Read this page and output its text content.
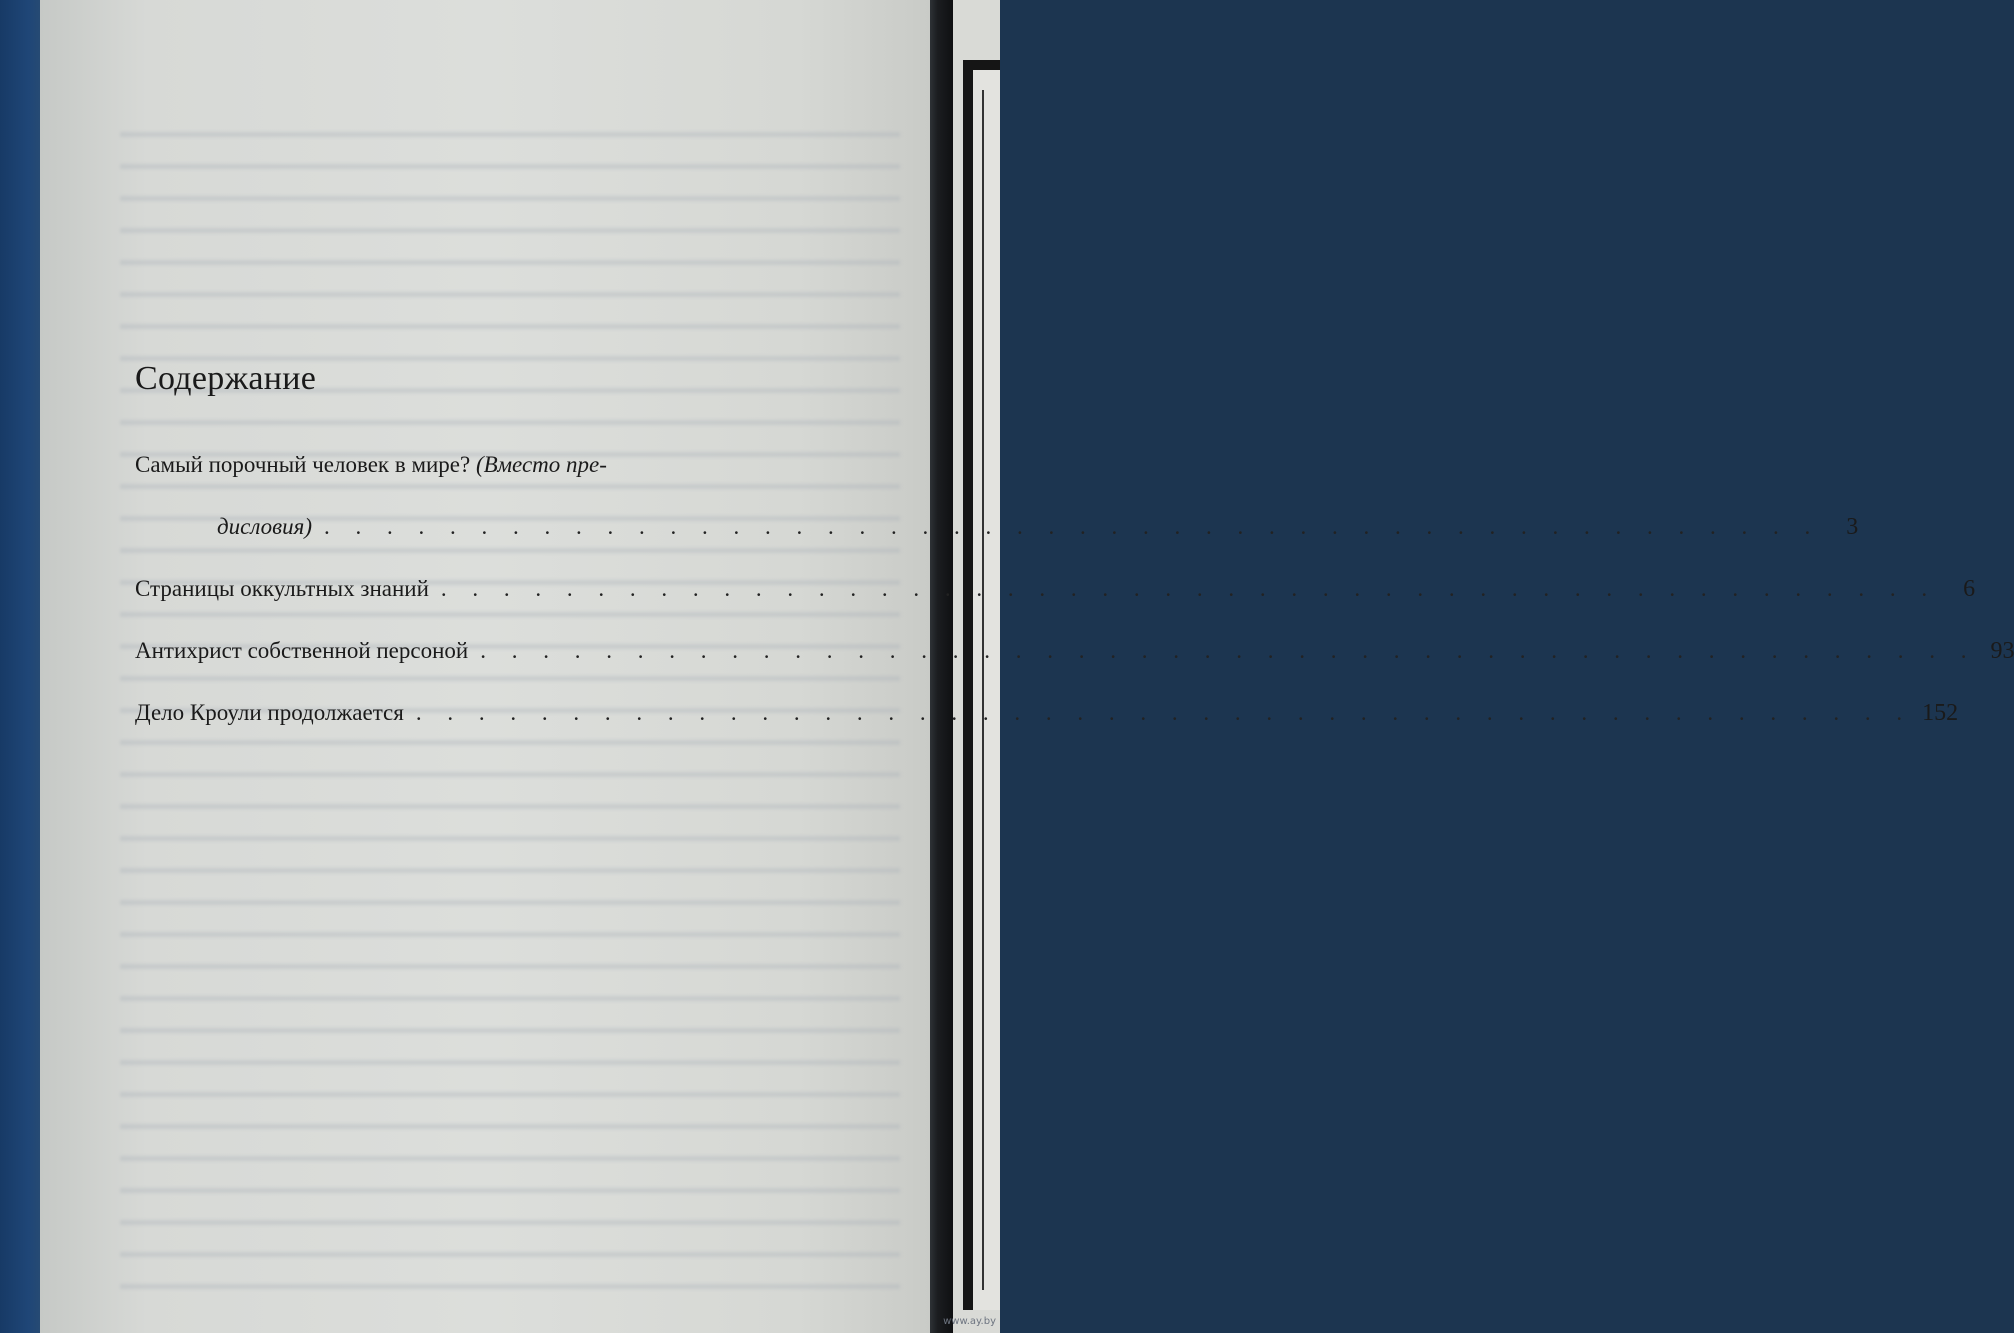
Содержание
Самый порочный человек в мире? (Вместо пре-
дисловия) . . . . . . . . . . . . . . . . . . . . . . . . . . . . . . . . . . . . . . . . . . . . . . . .	3
Страницы оккультных знаний . . . . . . . . . . . . . . . . . . . . . . . . . . . . . . . . . . . . . . . . . . . . . . . .	6
Антихрист собственной персоной . . . . . . . . . . . . . . . . . . . . . . . . . . . . . . . . . . . . . . . . . . . . . . . . 93
Дело Кроули продолжается . . . . . . . . . . . . . . . . . . . . . . . . . . . . . . . . . . . . . . . . . . . . . . . . 152
www.ay.by
